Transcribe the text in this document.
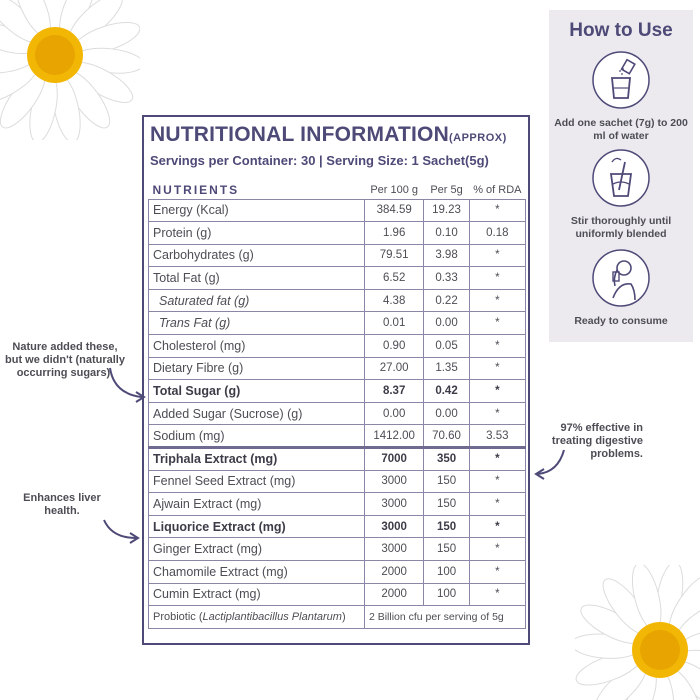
How to Use
Add one sachet (7g) to 200 ml of water
Stir thoroughly until uniformly blended
Ready to consume
NUTRITIONAL INFORMATION(APPROX)
Servings per Container: 30 | Serving Size: 1 Sachet(5g)
NUTRIENTS	Per 100 g	Per 5g	% of RDA
Energy (Kcal)	384.59	19.23	*
Protein (g)	1.96	0.10	0.18
Carbohydrates (g)	79.51	3.98	*
Total Fat (g)	6.52	0.33	*
Saturated fat (g)	4.38	0.22	*
Trans Fat (g)	0.01	0.00	*
Cholesterol (mg)	0.90	0.05	*
Dietary Fibre (g)	27.00	1.35	*
Total Sugar (g)	8.37	0.42	*
Added Sugar (Sucrose) (g)	0.00	0.00	*
Sodium (mg)	1412.00	70.60	3.53
Triphala Extract (mg)	7000	350	*
Fennel Seed Extract (mg)	3000	150	*
Ajwain Extract (mg)	3000	150	*
Liquorice Extract (mg)	3000	150	*
Ginger Extract (mg)	3000	150	*
Chamomile Extract (mg)	2000	100	*
Cumin Extract (mg)	2000	100	*
Probiotic (Lactiplantibacillus Plantarum)	2 Billion cfu per serving of 5g		
Nature added these, but we didn't (naturally occurring sugars).
Enhances liver health.
97% effective in treating digestive problems.
